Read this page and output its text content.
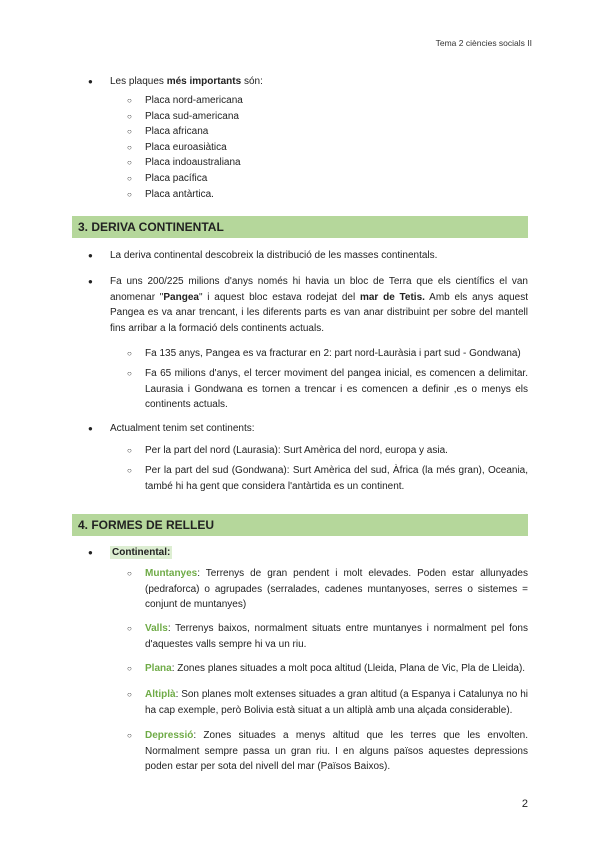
Tema 2 ciències socials II
● Les plaques més importants són:
○ Placa nord-americana
○ Placa sud-americana
○ Placa africana
○ Placa euroasiàtica
○ Placa indoaustraliana
○ Placa pacífica
○ Placa antàrtica.
3. DERIVA CONTINENTAL
● La deriva continental descobreix la distribució de les masses continentals.
● Fa uns 200/225 milions d'anys només hi havia un bloc de Terra que els científics el van anomenar "Pangea" i aquest bloc estava rodejat del mar de Tetis. Amb els anys aquest Pangea es va anar trencant, i les diferents parts es van anar distribuint per sobre del mantell fins arribar a la formació dels continents actuals.
○ Fa 135 anys, Pangea es va fracturar en 2: part nord-Lauràsia i part sud - Gondwana)
○ Fa 65 milions d'anys, el tercer moviment del pangea inicial, es comencen a delimitar. Laurasia i Gondwana es tornen a trencar i es comencen a definir ,es o menys els continents actuals.
● Actualment tenim set continents:
○ Per la part del nord (Laurasia): Surt Amèrica del nord, europa y asia.
○ Per la part del sud (Gondwana): Surt Amèrica del sud, Àfrica (la més gran), Oceania, també hi ha gent que considera l'antàrtida es un continent.
4. FORMES DE RELLEU
● Continental:
○ Muntanyes: Terrenys de gran pendent i molt elevades. Poden estar allunyades (pedraforca) o agrupades (serralades, cadenes muntanyoses, serres o sistemes = conjunt de muntanyes)
○ Valls: Terrenys baixos, normalment situats entre muntanyes i normalment pel fons d'aquestes valls sempre hi va un riu.
○ Plana: Zones planes situades a molt poca altitud (Lleida, Plana de Vic, Pla de Lleida).
○ Altiplà: Son planes molt extenses situades a gran altitud (a Espanya i Catalunya no hi ha cap exemple, però Bolivia està situat a un altiplà amb una alçada considerable).
○ Depressió: Zones situades a menys altitud que les terres que les envolten. Normalment sempre passa un gran riu. I en alguns països aquestes depressions poden estar per sota del nivell del mar (Països Baixos).
2
